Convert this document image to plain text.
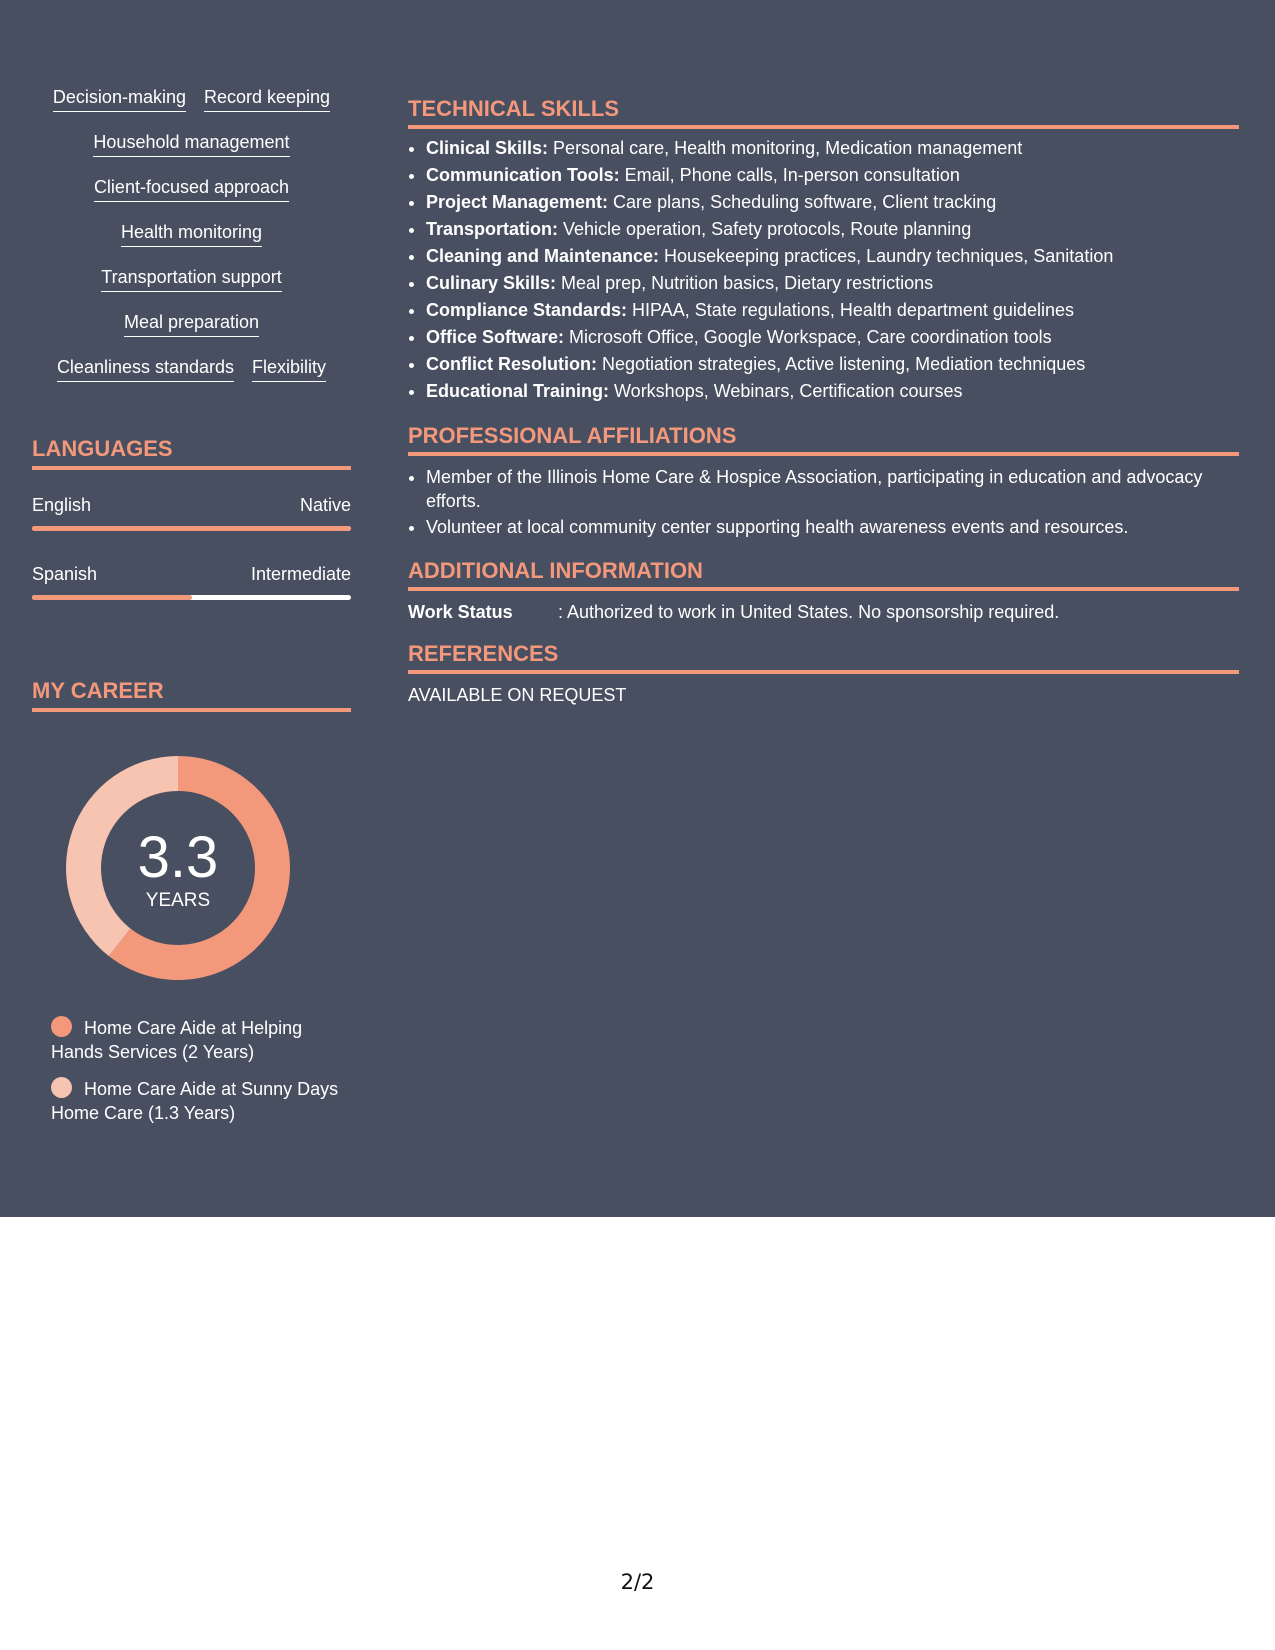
Decision-making Record keeping
Household management
Client-focused approach
Health monitoring
Transportation support
Meal preparation
Cleanliness standards Flexibility
LANGUAGES
English	Native
Spanish	Intermediate
MY CAREER
3.3
YEARS
Home Care Aide at Helping Hands Services (2 Years)
Home Care Aide at Sunny Days Home Care (1.3 Years)
TECHNICAL SKILLS
• Clinical Skills: Personal care, Health monitoring, Medication management
• Communication Tools: Email, Phone calls, In-person consultation
• Project Management: Care plans, Scheduling software, Client tracking
• Transportation: Vehicle operation, Safety protocols, Route planning
• Cleaning and Maintenance: Housekeeping practices, Laundry techniques, Sanitation
• Culinary Skills: Meal prep, Nutrition basics, Dietary restrictions
• Compliance Standards: HIPAA, State regulations, Health department guidelines
• Office Software: Microsoft Office, Google Workspace, Care coordination tools
• Conflict Resolution: Negotiation strategies, Active listening, Mediation techniques
• Educational Training: Workshops, Webinars, Certification courses
PROFESSIONAL AFFILIATIONS
• Member of the Illinois Home Care & Hospice Association, participating in education and advocacy efforts.
• Volunteer at local community center supporting health awareness events and resources.
ADDITIONAL INFORMATION
Work Status	: Authorized to work in United States. No sponsorship required.
REFERENCES
AVAILABLE ON REQUEST
2/2
